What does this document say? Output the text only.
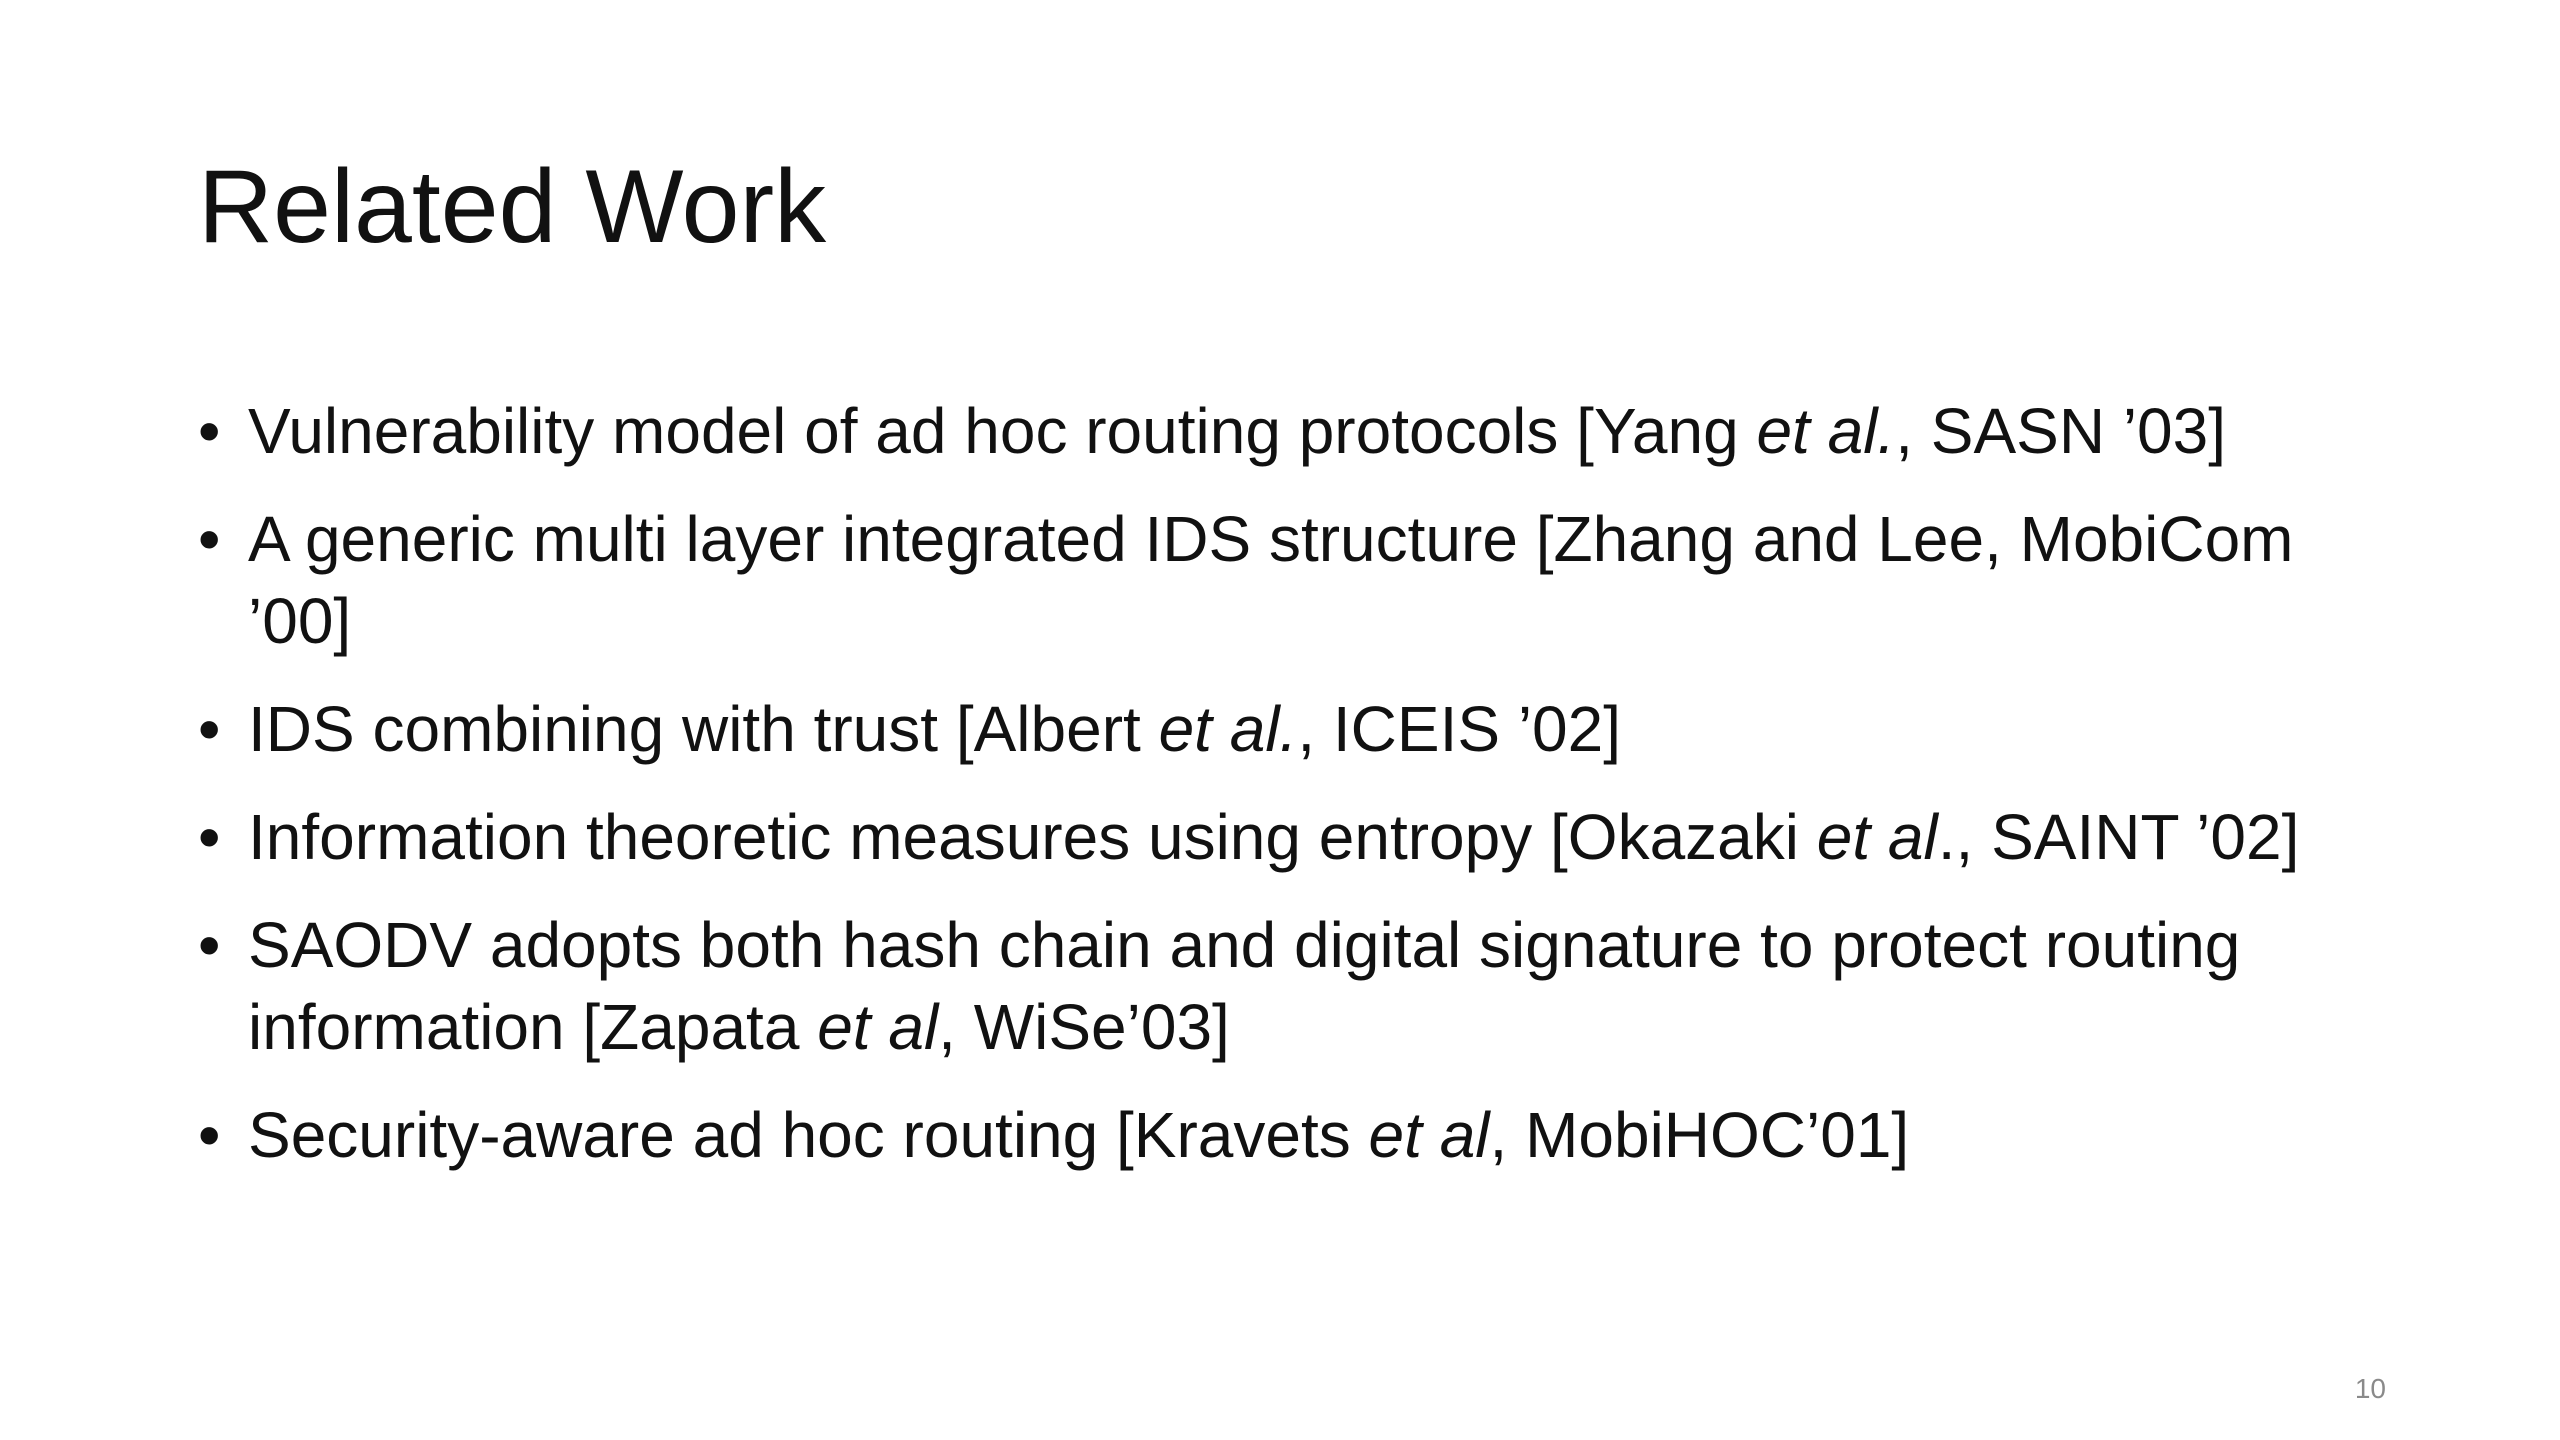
Related Work
• Vulnerability model of ad hoc routing protocols [Yang et al., SASN ’03]
• A generic multi layer integrated IDS structure [Zhang and Lee, MobiCom ’00]
• IDS combining with trust [Albert et al., ICEIS ’02]
• Information theoretic measures using entropy [Okazaki et al., SAINT ’02]
• SAODV adopts both hash chain and digital signature to protect routing information [Zapata et al, WiSe’03]
• Security-aware ad hoc routing [Kravets et al, MobiHOC’01]
10
